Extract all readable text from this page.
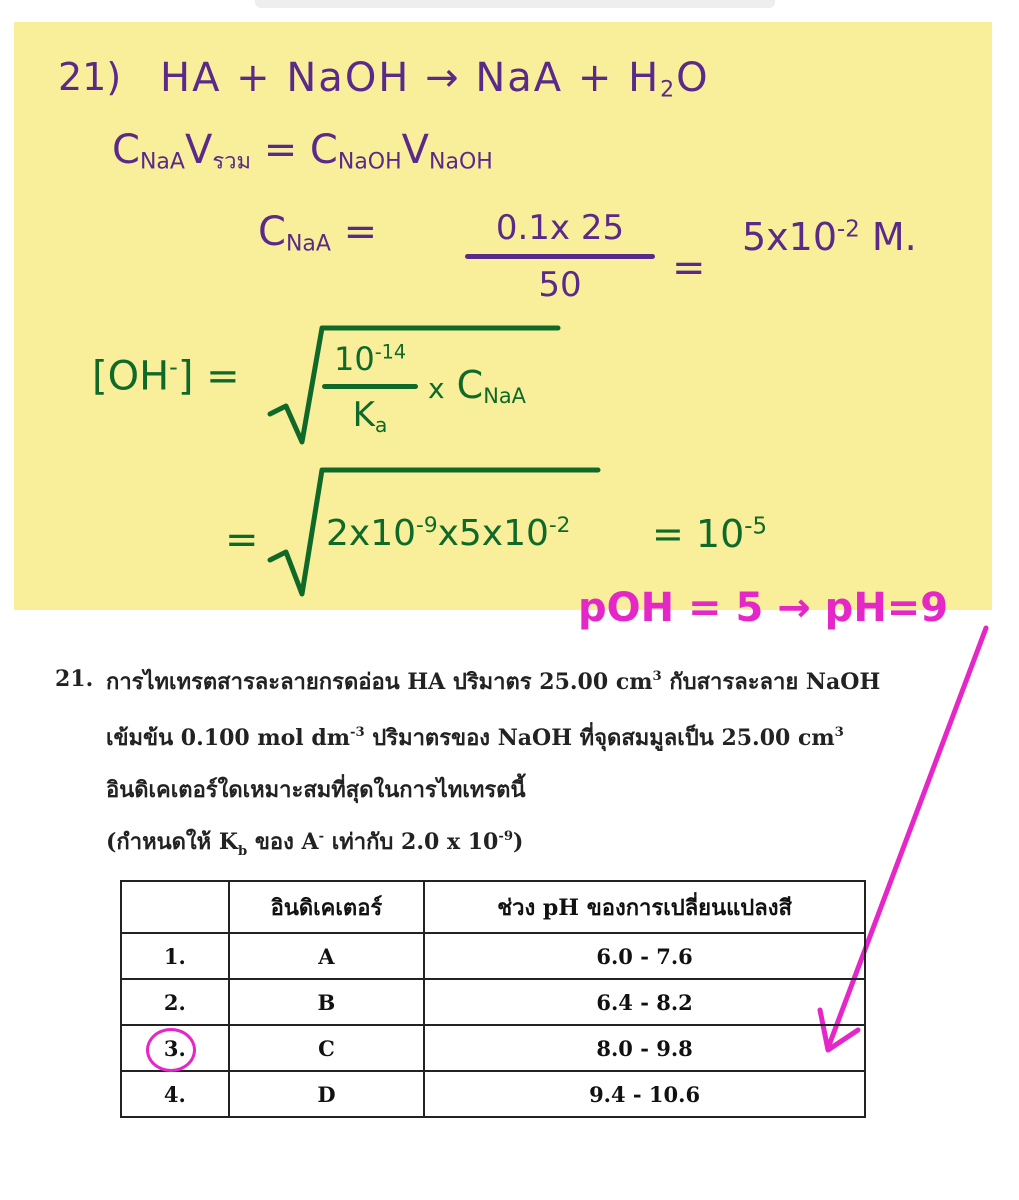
21) HA + NaOH → NaA + $H_2O$
$C_{NaA}V_{รวม} = C_{NaOH}V_{NaOH}$
$C_{NaA}$ =	0.1x 25
50 =
$5x10^{-2}$ M.
[OH-] =	$10^{-14}$
$K_a$
x $C_{NaA}$
= $2x10^{-9}x5x10^{-2} = 10^{-5}$
pOH = 5 → pH=9
21. การไทเทรตสารละลายกรดอ่อน HA ปริมาตร 25.00 $cm^3$ กับสารละลาย NaOH
เข้มข้น 0.100 mol $dm^{-3}$ ปริมาตรของ NaOH ที่จุดสมมูลเป็น 25.00 $cm^3$
อินดิเคเตอร์ใดเหมาะสมที่สุดในการไทเทรตนี้
(กำหนดให้ $K_b$ ของ A- เท่ากับ 2.0 x $10^{-9}$)
	อินดิเคเตอร์	ช่วง pH ของการเปลี่ยนแปลงสี
1.	A	6.0 - 7.6
2.	B	6.4 - 8.2
3.	C	8.0 - 9.8
4.	D	9.4 - 10.6
